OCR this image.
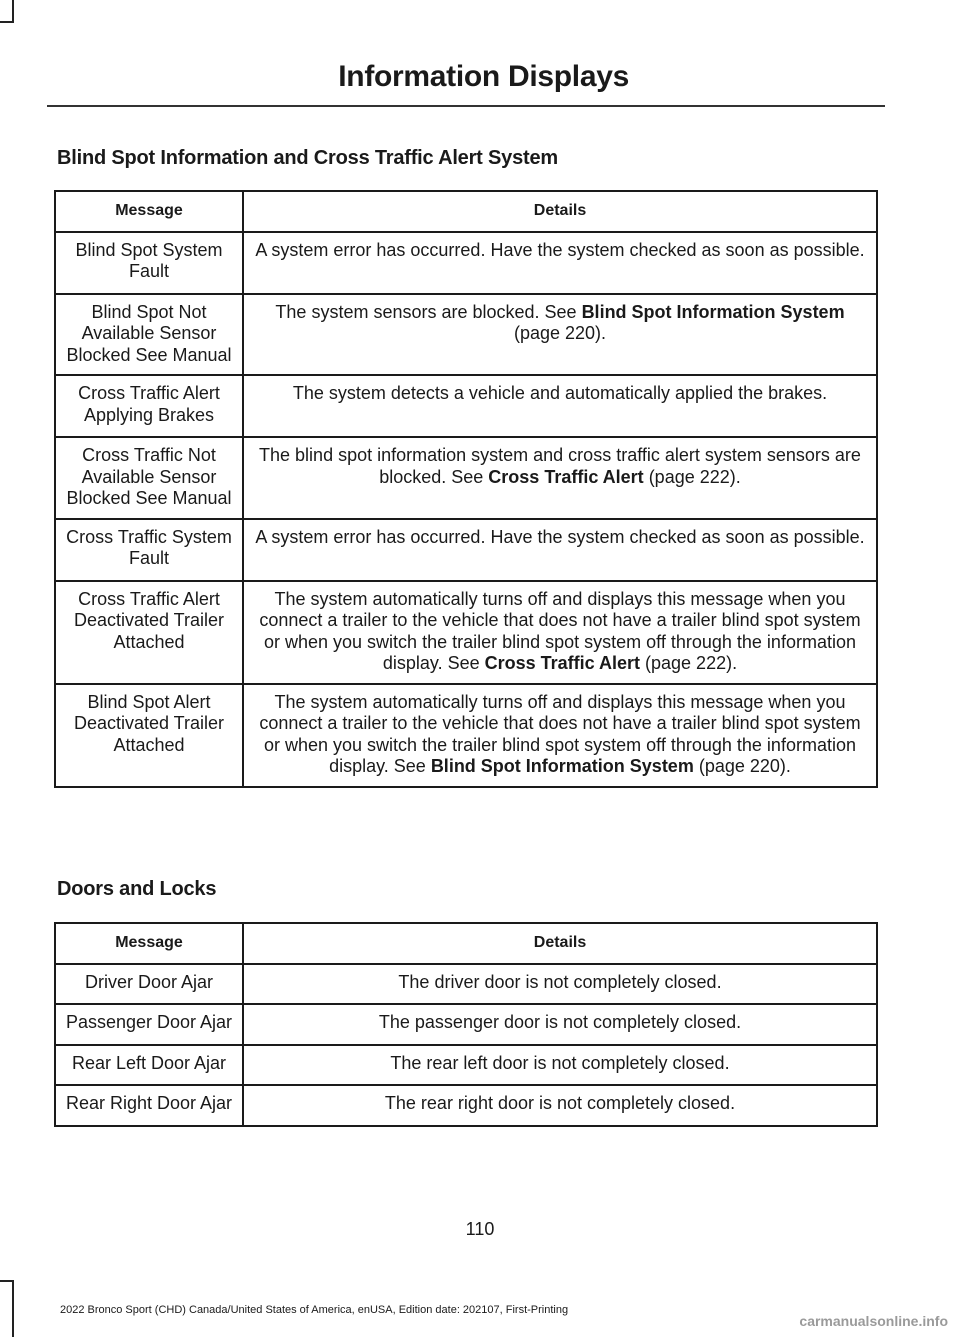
Information Displays
Blind Spot Information and Cross Traffic Alert System
Message	Details
Blind Spot System Fault	A system error has occurred. Have the system checked as soon as possible.
Blind Spot Not Available Sensor Blocked See Manual	The system sensors are blocked. See Blind Spot Information System (page 220).
Cross Traffic Alert Applying Brakes	The system detects a vehicle and automatically applied the brakes.
Cross Traffic Not Available Sensor Blocked See Manual	The blind spot information system and cross traffic alert system sensors are blocked. See Cross Traffic Alert (page 222).
Cross Traffic System Fault	A system error has occurred. Have the system checked as soon as possible.
Cross Traffic Alert Deactivated Trailer Attached	The system automatically turns off and displays this message when you connect a trailer to the vehicle that does not have a trailer blind spot system or when you switch the trailer blind spot system off through the information display. See Cross Traffic Alert (page 222).
Blind Spot Alert Deactivated Trailer Attached	The system automatically turns off and displays this message when you connect a trailer to the vehicle that does not have a trailer blind spot system or when you switch the trailer blind spot system off through the information display. See Blind Spot Information System (page 220).
Doors and Locks
Message	Details
Driver Door Ajar	The driver door is not completely closed.
Passenger Door Ajar	The passenger door is not completely closed.
Rear Left Door Ajar	The rear left door is not completely closed.
Rear Right Door Ajar	The rear right door is not completely closed.
110
2022 Bronco Sport (CHD) Canada/United States of America, enUSA, Edition date: 202107, First-Printing
carmanualsonline.info
